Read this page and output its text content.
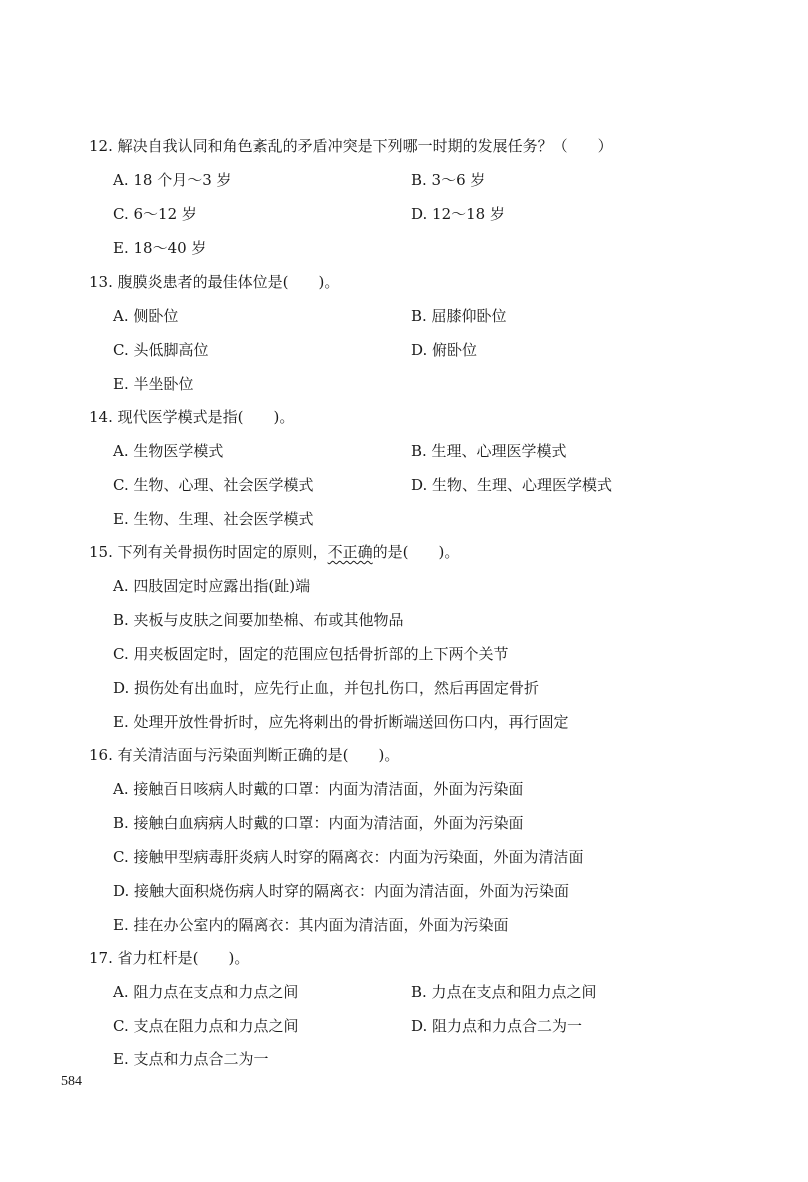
12. 解决自我认同和角色紊乱的矛盾冲突是下列哪一时期的发展任务？（　　）
A. 18 个月～3 岁	B. 3～6 岁
C. 6～12 岁	D. 12～18 岁
E. 18～40 岁
13. 腹膜炎患者的最佳体位是(　　)。
A. 侧卧位	B. 屈膝仰卧位
C. 头低脚高位	D. 俯卧位
E. 半坐卧位
14. 现代医学模式是指(　　)。
A. 生物医学模式	B. 生理、心理医学模式
C. 生物、心理、社会医学模式	D. 生物、生理、心理医学模式
E. 生物、生理、社会医学模式
15. 下列有关骨损伤时固定的原则，不正确的是(　　)。
A. 四肢固定时应露出指(趾)端
B. 夹板与皮肤之间要加垫棉、布或其他物品
C. 用夹板固定时，固定的范围应包括骨折部的上下两个关节
D. 损伤处有出血时，应先行止血，并包扎伤口，然后再固定骨折
E. 处理开放性骨折时，应先将刺出的骨折断端送回伤口内，再行固定
16. 有关清洁面与污染面判断正确的是(　　)。
A. 接触百日咳病人时戴的口罩：内面为清洁面，外面为污染面
B. 接触白血病病人时戴的口罩：内面为清洁面，外面为污染面
C. 接触甲型病毒肝炎病人时穿的隔离衣：内面为污染面，外面为清洁面
D. 接触大面积烧伤病人时穿的隔离衣：内面为清洁面，外面为污染面
E. 挂在办公室内的隔离衣：其内面为清洁面，外面为污染面
17. 省力杠杆是(　　)。
A. 阻力点在支点和力点之间	B. 力点在支点和阻力点之间
C. 支点在阻力点和力点之间	D. 阻力点和力点合二为一
E. 支点和力点合二为一
584
